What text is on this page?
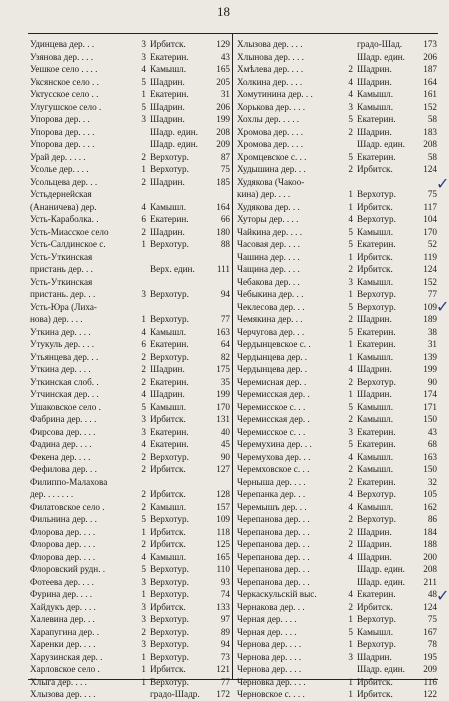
18
Удинцева дер. . .	3 Ирбитск.	129
Узянова дер. . . .	3 Екатерин.	43
Уешкое село . . . .	4 Камышл.	165
Уксянское село . .	5 Шадрин.	205
Уктусское село . .	1 Екатерин.	31
Улугушское село .	5 Шадрин.	206
Упорова дер. . .	3 Шадрин.	199
Упорова дер. . . .	Шадр. един.	208
Упорова дер. . . .	Шадр. един.	209
Урай дер. . . . .	2 Верхотур.	87
Усолье дер. . . .	1 Верхотур.	75
Усольцева дер. . .	2 Шадрин.	185
Устьдернейская
(Ананичева) дер.	4 Камышл.	164
Усть-Караболка. .	6 Екатерин.	66
Усть-Миасское село	2 Шадрин.	180
Усть-Салдинское с.	1 Верхотур.	88
Усть-Уткинская
пристань дер. . .	Верх. един.	111
Усть-Уткинская
пристань. дер. . .	3 Верхотур.	94
Усть-Юра (Лиха-
нова) дер. . . .	1 Верхотур.	77
Уткина дер. . . .	4 Камышл.	163
Утукуль дер. . . .	6 Екатерин.	64
Утьянцева дер. . .	2 Верхотур.	82
Уткина дер. . . .	2 Шадрин.	175
Уткинская слоб. .	2 Екатерин.	35
Утчинская дер. . .	4 Шадрин.	199
Ушаковское село .	5 Камышл.	170
Фабрина дер. . . .	3 Ирбитск.	131
Фирсова дер. . . .	3 Екатерин.	40
Фадина дер. . . .	4 Екатерин.	45
Фекена дер. . . .	2 Верхотур.	90
Фефилова дер. . .	2 Ирбитск.	127
Филиппо-Малахова
дер. . . . . . .	2 Ирбитск.	128
Филатовское село .	2 Камышл.	157
Фильнина дер. . .	5 Верхотур.	109
Флорова дер. . . .	1 Ирбитск.	118
Флорова дер. . . .	2 Ирбитск.	125
Флорова дер. . . .	4 Камышл.	165
Флоровский рудн. .	5 Верхотур.	110
Фотеева дер. . . .	3 Верхотур.	93
Фурина дер. . . .	1 Верхотур.	74
Хайдукъ дер. . . .	3 Ирбитск.	133
Халевина дер. . .	3 Верхотур.	97
Харапугина дер. .	2 Верхотур.	89
Харенки дер. . . .	3 Верхотур.	94
Харузинская дер. .	1 Верхотур.	73
Харловское село .	1 Ирбитск.	121
Хлыга дер. . . .	1 Верхотур.	77
Хлызова дер. . . .	градо-Шадр.	172
Хлызова дер. . . .	градо-Шад.	173
Хлынова дер. . . .	Шадр. един.	206
Хмѣлева дер. . . .	2 Шадрин.	187
Холкина дер. . . .	4 Шадрин.	164
Хомутинина дер. . .	4 Камышл.	161
Хорькова дер. . . .	3 Камышл.	152
Хохлы дер. . . . .	5 Екатерин.	58
Хромова дер. . . .	2 Шадрин.	183
Хромова дер. . . .	Шадр. един.	208
Хромцевское с. . .	5 Екатерин.	58
Худышина дер. . .	2 Ирбитск.	124
Худякова (Чакоо-
кина) дер. . . .	1 Верхотур.	75
Худякова дер. . .	1 Ирбитск.	117
Хуторы дер. . . .	4 Верхотур.	104
Чайкина дер. . . .	5 Камышл.	170
Часовая дер. . . .	5 Екатерин.	52
Чашина дер. . . .	1 Ирбитск.	119
Чащина дер. . . .	2 Ирбитск.	124
Чебакова дер. . .	3 Камышл.	152
Чебыкина дер. . .	1 Верхотур.	77
Чеклесова дер. . .	5 Верхотур.	109
Чемякина дер. . .	2 Шадрин.	189
Черчугова дер. . .	5 Екатерин.	38
Чердынцевское с. .	1 Екатерин.	31
Чердынцева дер. .	1 Камышл.	139
Чердынцева дер. .	4 Шадрин.	199
Черемисная дер. .	2 Верхотур.	90
Черемисская дер. .	1 Шадрин.	174
Черемисское с. . .	5 Камышл.	171
Черемисская дер. .	2 Камышл.	150
Черемисское с. . .	3 Екатерин.	43
Черемухина дер. . .	5 Екатерин.	68
Черемухова дер. . .	4 Камышл.	163
Черемховское с. . .	2 Камышл.	150
Черныша дер. . . .	2 Екатерин.	32
Черепанка дер. . .	4 Верхотур.	105
Черемышъ дер. . .	4 Камышл.	162
Черепанова дер. . .	2 Верхотур.	86
Черепанова дер. . .	2 Шадрин.	184
Черепанова дер. . .	2 Шадрин.	188
Черепанова дер. . .	4 Шадрин.	200
Черепанова дер. . .	Шадр. един.	208
Черепанова дер. . .	Шадр. един.	211
Черкаскульскій выс.	4 Екатерин.	48
Чернакова дер. . .	2 Ирбитск.	124
Черная дер. . . .	1 Верхотур.	75
Черная дер. . . .	5 Камышл.	167
Чернова дер. . . .	1 Верхотур.	78
Чернова дер. . . .	3 Шадрин.	195
Чернова дер. . . .	Шадр. един.	209
Черновка дер. . . .	1 Ирбитск.	116
Черновское с. . . .	1 Ирбитск.	122
✓
✓
✓
